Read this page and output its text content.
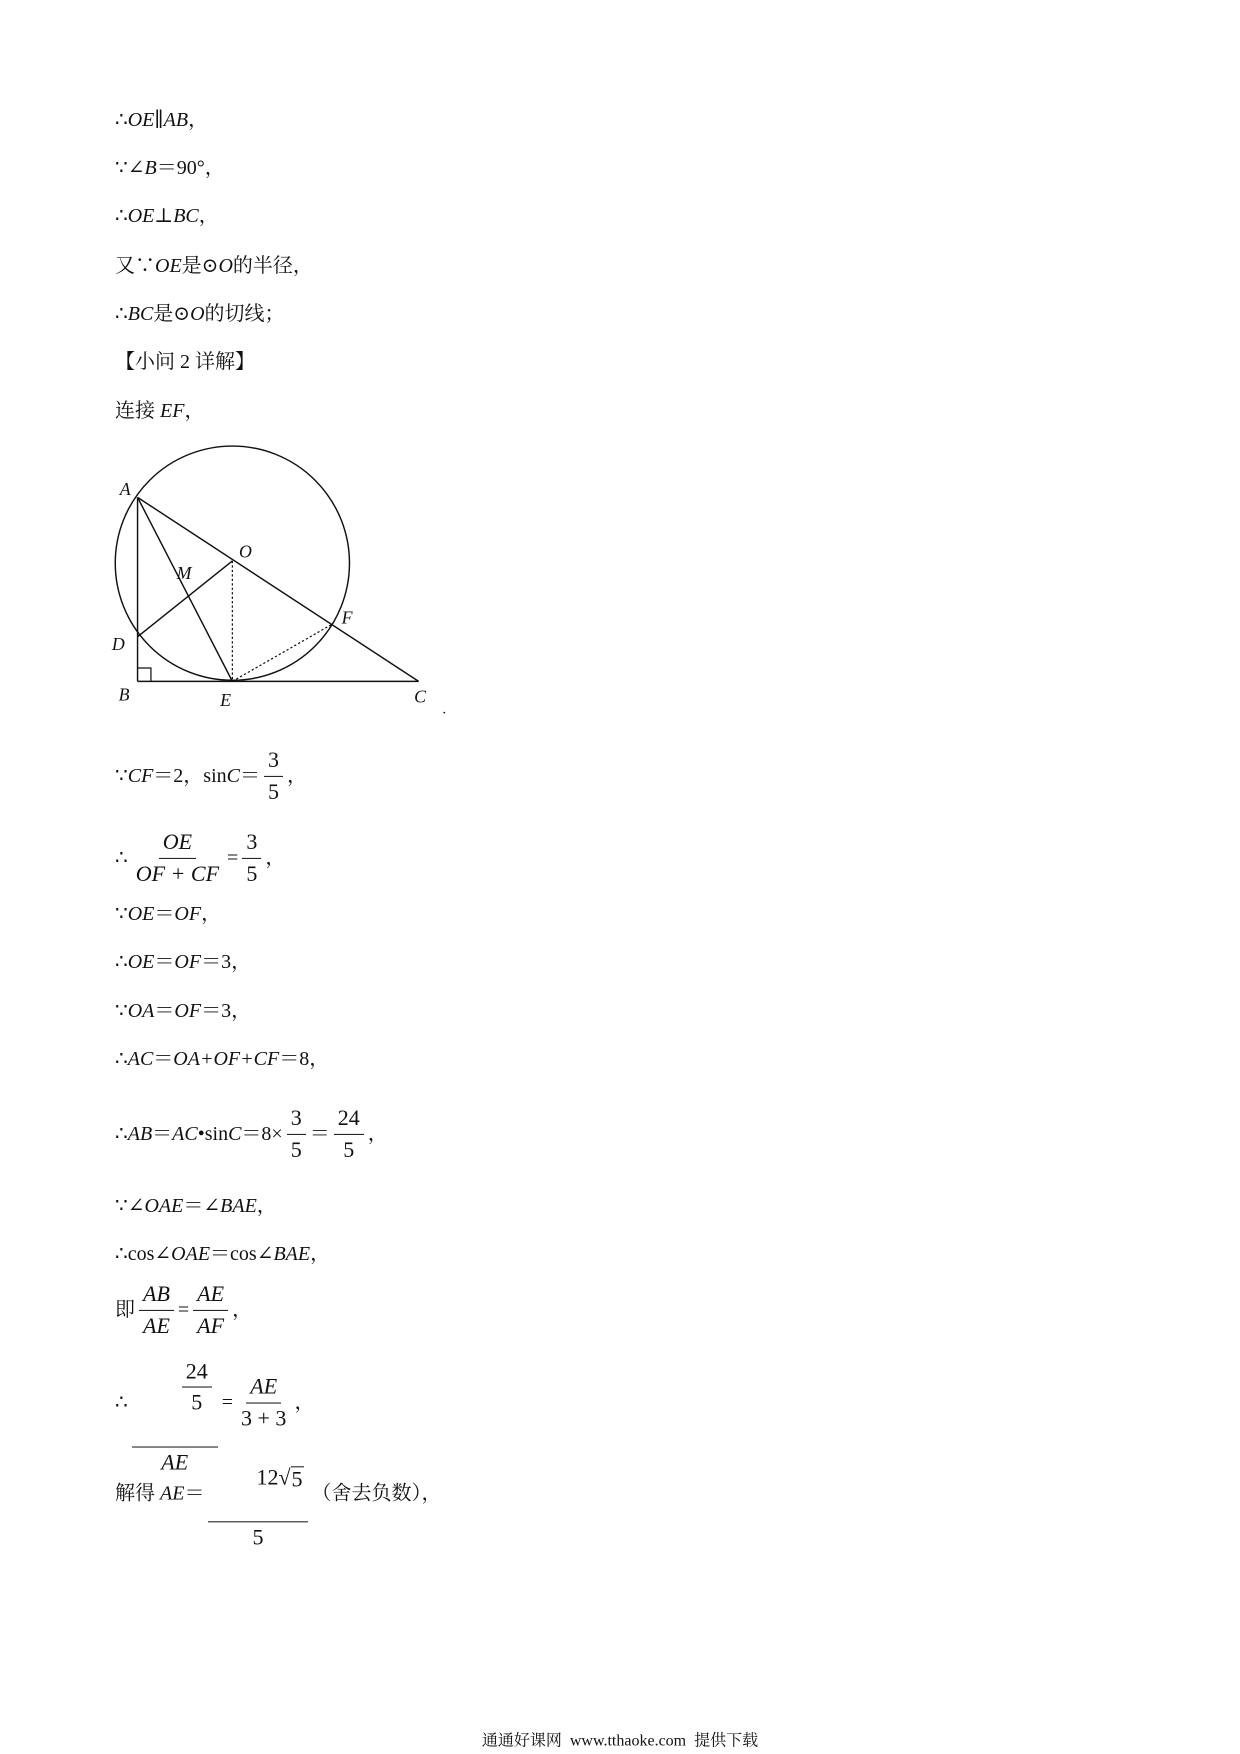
∴ OE ∥ AB ，
∵∠ B ＝90°，
∴ OE ⊥ BC ，
又∵ OE 是⊙ O 的半径，
∴ BC 是⊙ O 的切线；
【小问 2 详解】
连接 EF ，
A
O
M
F
D
B	E	C
∵ CF ＝2，$\sin C = \frac{3}{5}$ ，
∴ $\frac{OE}{OF + CF} = \frac{3}{5}$ ，
∵ OE ＝ OF ，
∴ OE ＝ OF ＝3，
∵ OA ＝ OF ＝3，
∴ AC ＝ OA + OF + CF ＝8，
∴ AB ＝ AC •sin $C =8\times \frac{3}{5} = \frac{24}{5}$ ，
∵∠ OAE ＝∠ BAE ，
∴cos∠ OAE ＝cos∠ BAE ，
即 $\frac{AB}{AE} = \frac{AE}{AF}$ ，
∴

$\frac{\frac{24}{5}}{AE} = \frac{AE}{3 + 3}$ ，
解得 AE ＝ $\frac{12 √ 5}{5}$ （舍去负数），
通通好课网  www.tthaoke.com  提供下载
